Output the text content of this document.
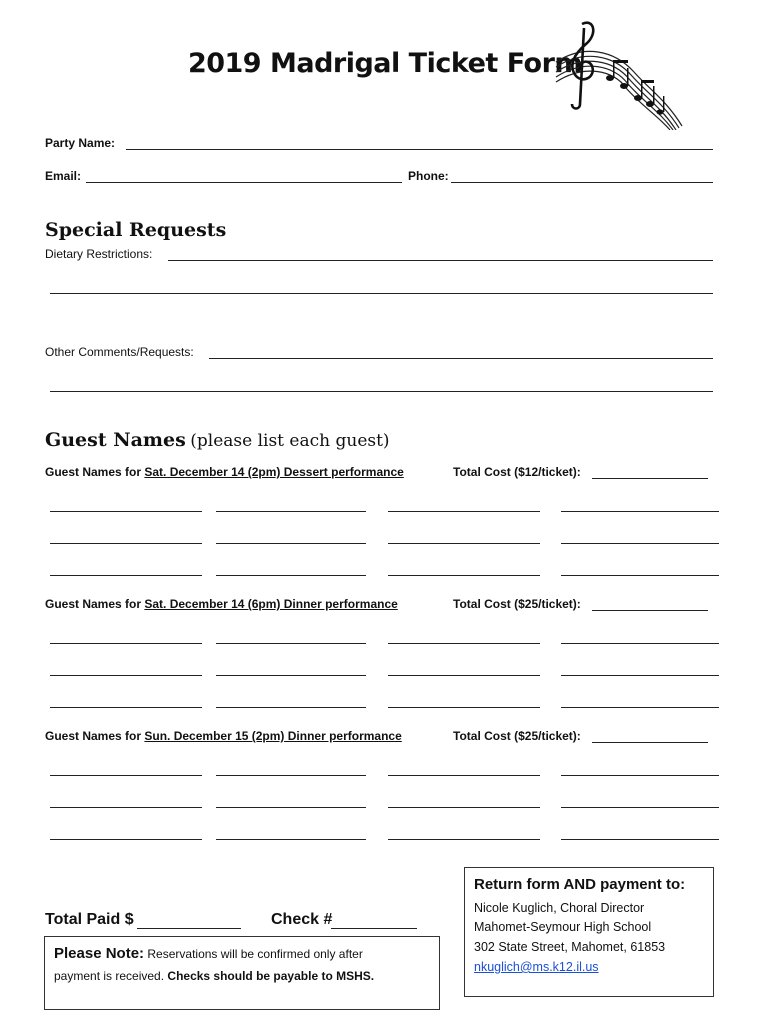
2019 Madrigal Ticket Form
Party Name:
Email:	Phone:
Special Requests
Dietary Restrictions:
Other Comments/Requests:
Guest Names (please list each guest)
Guest Names for Sat. December 14 (2pm) Dessert performance	Total Cost ($12/ticket):
Guest Names for Sat. December 14 (6pm) Dinner performance	Total Cost ($25/ticket):
Guest Names for Sun. December 15 (2pm) Dinner performance	Total Cost ($25/ticket):
Total Paid $	Check #
Please Note: Reservations will be confirmed only after
payment is received. Checks should be payable to MSHS.
Return form AND payment to:
Nicole Kuglich, Choral Director
Mahomet-Seymour High School
302 State Street, Mahomet, 61853
nkuglich@ms.k12.il.us
